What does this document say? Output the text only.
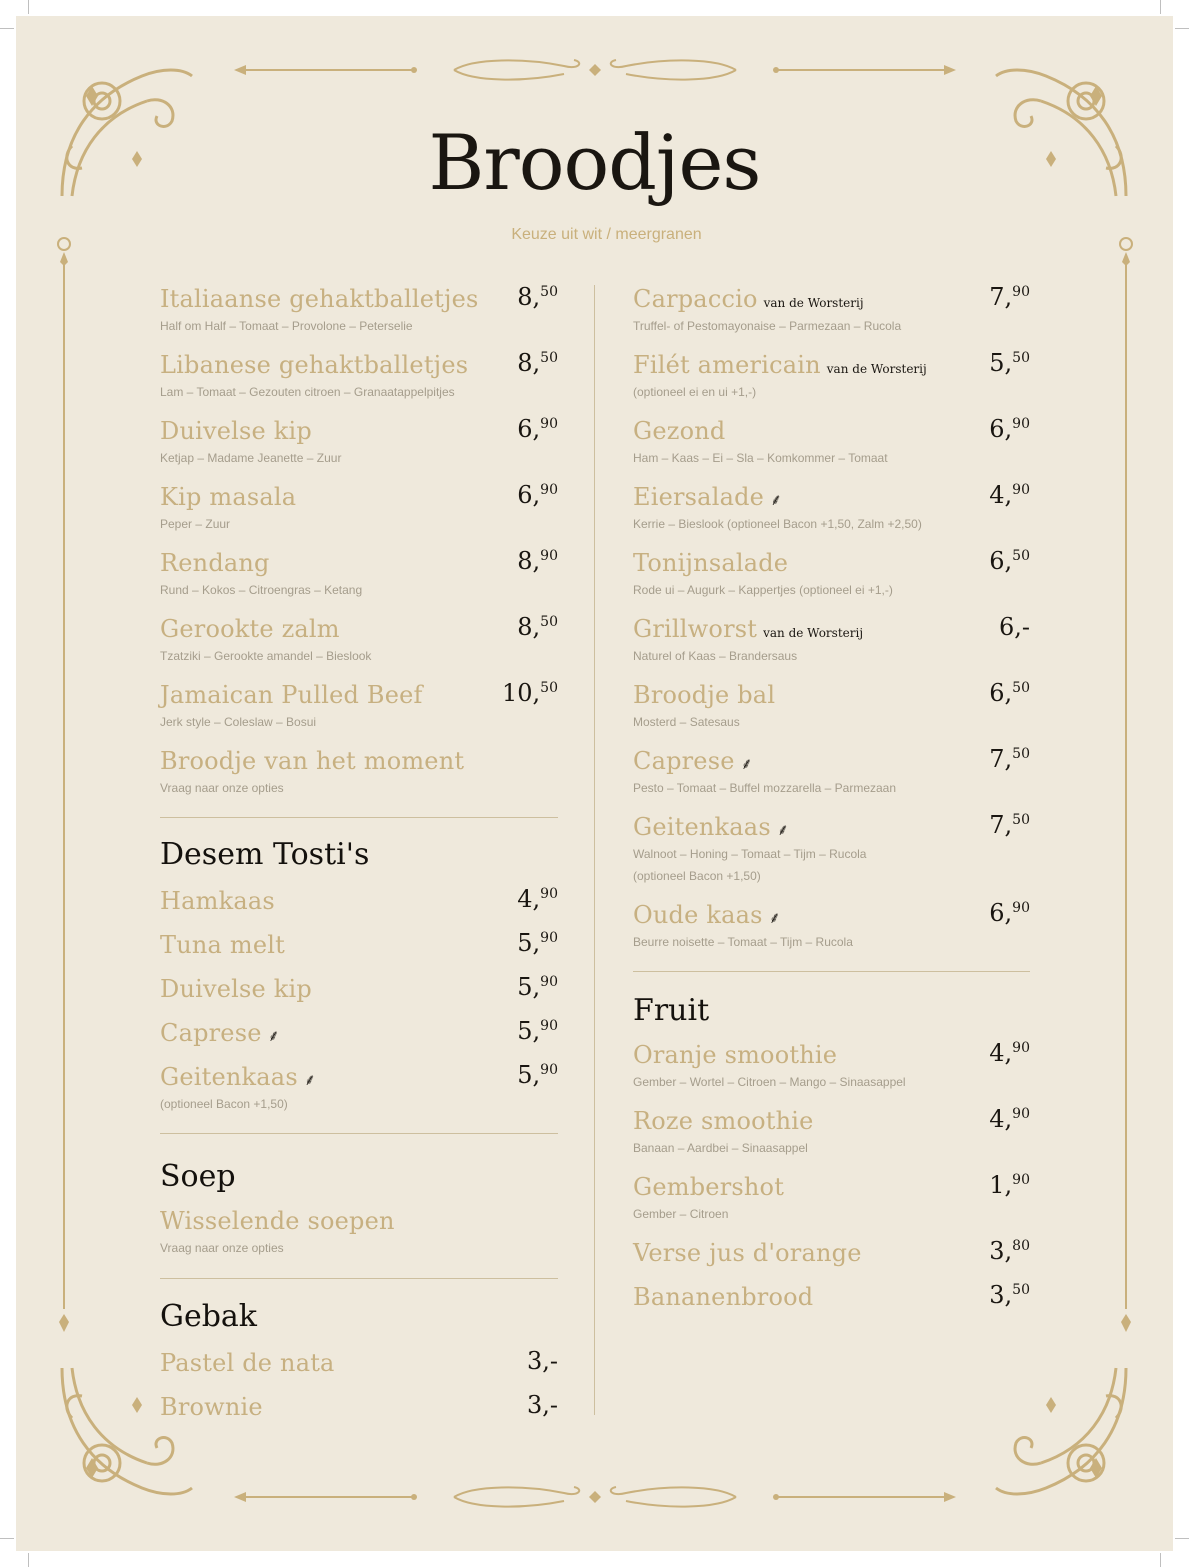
Broodjes
Keuze uit wit / meergranen
Italiaanse gehaktballetjes 8,50
Half om Half – Tomaat – Provolone – Peterselie
Libanese gehaktballetjes 8,50
Lam – Tomaat – Gezouten citroen – Granaatappelpitjes
Duivelse kip	6,90
Ketjap – Madame Jeanette – Zuur
Kip masala	6,90
Peper – Zuur
Rendang	8,90
Rund – Kokos – Citroengras – Ketang
Gerookte zalm	8,50
Tzatziki – Gerookte amandel – Bieslook
Jamaican Pulled Beef	10,50
Jerk style – Coleslaw – Bosui
Broodje van het moment
Vraag naar onze opties
Desem Tosti's
Hamkaas	4,90
Tuna melt	5,90
Duivelse kip	5,90
Caprese ⸙	5,90
Geitenkaas ⸙	5,90
(optioneel Bacon +1,50)
Soep
Wisselende soepen
Vraag naar onze opties
Gebak
Pastel de nata	3,-
Brownie	3,-
Carpaccio van de Worsterij	7,90
Truffel- of Pestomayonaise – Parmezaan – Rucola
Filét americain van de Worsterij	5,50
(optioneel ei en ui +1,-)
Gezond	6,90
Ham – Kaas – Ei – Sla – Komkommer – Tomaat
Eiersalade ⸙	4,90
Kerrie – Bieslook (optioneel Bacon +1,50, Zalm +2,50)
Tonijnsalade	6,50
Rode ui – Augurk – Kappertjes (optioneel ei +1,-)
Grillworst van de Worsterij	6,-
Naturel of Kaas – Brandersaus
Broodje bal	6,50
Mosterd – Satesaus
Caprese ⸙	7,50
Pesto – Tomaat – Buffel mozzarella – Parmezaan
Geitenkaas ⸙	7,50
Walnoot – Honing – Tomaat – Tijm – Rucola
(optioneel Bacon +1,50)
Oude kaas ⸙	6,90
Beurre noisette – Tomaat – Tijm – Rucola
Fruit
Oranje smoothie	4,90
Gember – Wortel – Citroen – Mango – Sinaasappel
Roze smoothie	4,90
Banaan – Aardbei – Sinaasappel
Gembershot	1,90
Gember – Citroen
Verse jus d'orange	3,80
Bananenbrood	3,50
